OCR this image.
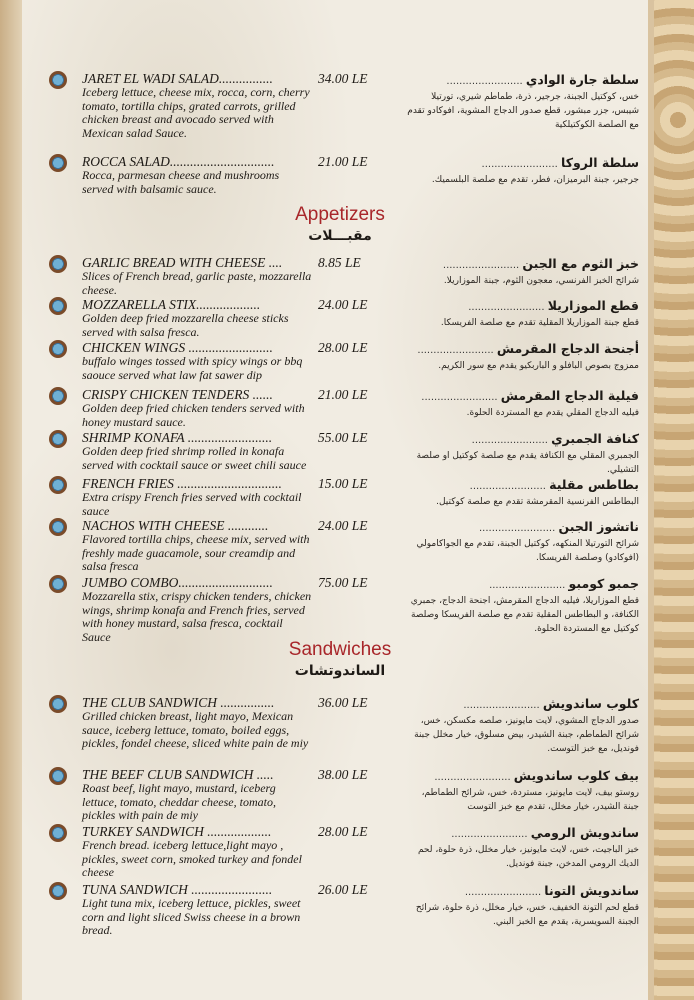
JARET EL WADI SALAD................
Iceberg lettuce, cheese mix, rocca, corn, cherry tomato, tortilla chips, grated carrots, grilled chicken breast and avocado served with Mexican salad Sauce.
34.00 LE	سلطة جارة الوادي ........................
خس، كوكتيل الجبنة، جرجير، ذرة، طماطم شيري، تورتيلا شيبس، جزر مبشور، قطع صدور الدجاج المشوية، افوكادو تقدم مع الصلصة الكوكتيلكية
ROCCA SALAD...............................
Rocca, parmesan cheese and mushrooms served with balsamic sauce.
21.00 LE	سلطة الروكا ........................
جرجير، جبنة البرميزان، فطر، تقدم مع صلصة البلسميك.
Appetizers
مقبـــلات
GARLIC BREAD WITH CHEESE ....
Slices of French bread, garlic paste, mozzarella cheese.
8.85 LE	خبز الثوم مع الجبن ........................
شرائح الخبز الفرنسي، معجون الثوم، جبنة الموزاريلا.
MOZZARELLA STIX...................
Golden deep fried mozzarella cheese sticks served with salsa fresca.
24.00 LE	قطع الموزاريلا ........................
قطع جبنة الموزاريلا المقلية تقدم مع صلصة الفريسكا.
CHICKEN WINGS .........................
buffalo winges tossed with spicy wings or bbq saouce served what law fat sawer dip
28.00 LE	أجنحة الدجاج المقرمش ........................
ممزوج بصوص البافلو و الباربكيو يقدم مع سور الكريم.
CRISPY CHICKEN TENDERS ......
Golden deep fried chicken tenders served with honey mustard sauce.
21.00 LE	فيلية الدجاج المقرمش ........................
فيليه الدجاج المقلي يقدم مع المستردة الحلوة.
SHRIMP KONAFA .........................
Golden deep fried shrimp rolled in konafa served with cocktail sauce or sweet chili sauce
55.00 LE	كنافة الجمبري ........................
الجمبري المقلي مع الكنافة يقدم مع صلصة كوكتيل او صلصة التشيلي.
FRENCH FRIES ...............................
Extra crispy French fries served with cocktail sauce
15.00 LE	بطاطس مقلية ........................
البطاطس الفرنسية المقرمشة تقدم مع صلصة كوكتيل.
NACHOS WITH CHEESE ............
Flavored tortilla chips, cheese mix, served with freshly made guacamole, sour creamdip and salsa fresca
24.00 LE	ناتشوز الجبن ........................
شرائح التورتيلا المنكهه، كوكتيل الجبنة، تقدم مع الجواكامولي (افوكادو) وصلصة الفريسكا.
JUMBO COMBO............................
Mozzarella stix, crispy chicken tenders, chicken wings, shrimp konafa and French fries, served with honey mustard, salsa fresca, cocktail Sauce
75.00 LE	جمبو كومبو ........................
قطع الموزاريلا، فيليه الدجاج المقرمش، اجنحة الدجاج، جمبري الكنافة، و البطاطس المقلية تقدم مع صلصة الفريسكا وصلصة كوكتيل مع المستردة الحلوة.
Sandwiches
الساندوتشات
THE CLUB SANDWICH ................
Grilled chicken breast, light mayo, Mexican sauce, iceberg lettuce, tomato, boiled eggs, pickles, fondel cheese, sliced white pain de miy
36.00 LE	كلوب ساندويش ........................
صدور الدجاج المشوي، لايت مايونيز، صلصه مكسكن، خس، شرائح الطماطم، جبنة الشيدر، بيض مسلوق، خيار مخلل جبنة فونديل، مع خبز التوست.
THE BEEF CLUB SANDWICH .....
Roast beef, light mayo, mustard, iceberg lettuce, tomato, cheddar cheese, tomato, pickles with pain de miy
38.00 LE	بيف كلوب ساندويش ........................
روستو بيف، لايت مايونيز، مستردة، خس، شرائح الطماطم، جبنة الشيدر، خيار مخلل، تقدم مع خبز التوست
TURKEY SANDWICH ...................
French bread. iceberg lettuce,light mayo , pickles, sweet corn, smoked turkey and fondel cheese
28.00 LE	ساندويش الرومي ........................
خبز الباجيت، خس، لايت مايونيز، خيار مخلل، ذرة حلوة، لحم الديك الرومي المدخن، جبنة فونديل.
TUNA SANDWICH ........................
Light tuna mix, iceberg lettuce, pickles, sweet corn and light sliced Swiss cheese in a brown bread.
26.00 LE	ساندويش التونا ........................
قطع لحم التونة الخفيف، خس، خيار مخلل، ذرة حلوة، شرائح الجبنة السويسرية، يقدم مع الخبز البني.
